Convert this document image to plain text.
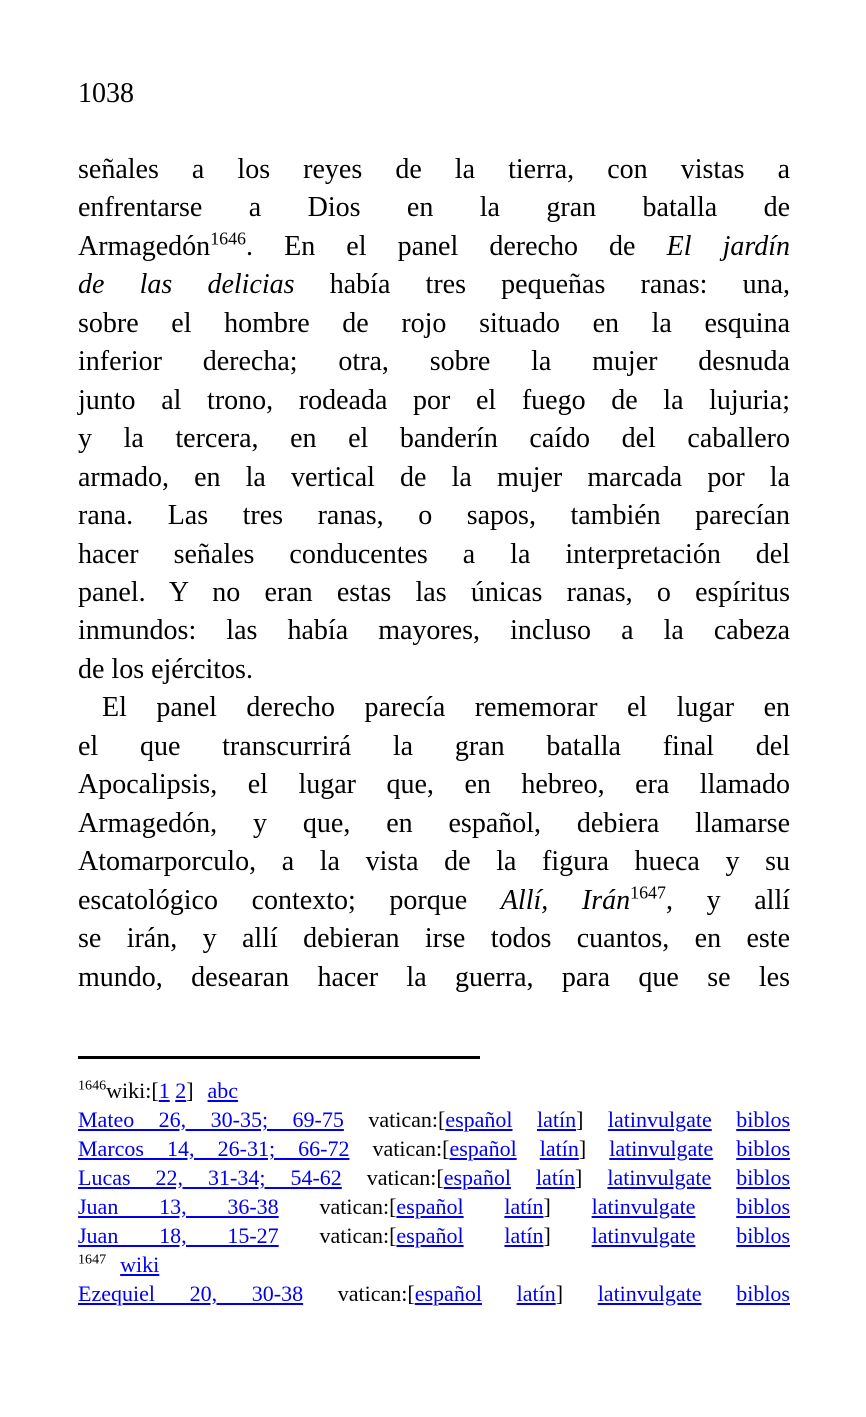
1038
señales a los reyes de la tierra, con vistas a
enfrentarse a Dios en la gran batalla de
Armagedón$^{1646}$. En el panel derecho de El jardín
de las delicias había tres pequeñas ranas: una,
sobre el hombre de rojo situado en la esquina
inferior derecha; otra, sobre la mujer desnuda
junto al trono, rodeada por el fuego de la lujuria;
y la tercera, en el banderín caído del caballero
armado, en la vertical de la mujer marcada por la
rana. Las tres ranas, o sapos, también parecían
hacer señales conducentes a la interpretación del
panel. Y no eran estas las únicas ranas, o espíritus
inmundos: las había mayores, incluso a la cabeza
de los ejércitos.
El panel derecho parecía rememorar el lugar en
el que transcurrirá la gran batalla final del
Apocalipsis, el lugar que, en hebreo, era llamado
Armagedón, y que, en español, debiera llamarse
Atomarporculo, a la vista de la figura hueca y su
escatológico contexto; porque Allí, Irán$^{1647}$, y allí
se irán, y allí debieran irse todos cuantos, en este
mundo, desearan hacer la guerra, para que se les
$^{1646}$wiki:[1 2] abc
Mateo 26, 30-35; 69-75 vatican:[español latín] latinvulgate biblos
Marcos 14, 26-31; 66-72 vatican:[español latín] latinvulgate biblos
Lucas 22, 31-34; 54-62 vatican:[español latín] latinvulgate biblos
Juan 13, 36-38 vatican:[español latín] latinvulgate biblos
Juan 18, 15-27 vatican:[español latín] latinvulgate biblos
$^{1647}$ wiki
Ezequiel 20, 30-38 vatican:[español latín] latinvulgate biblos
